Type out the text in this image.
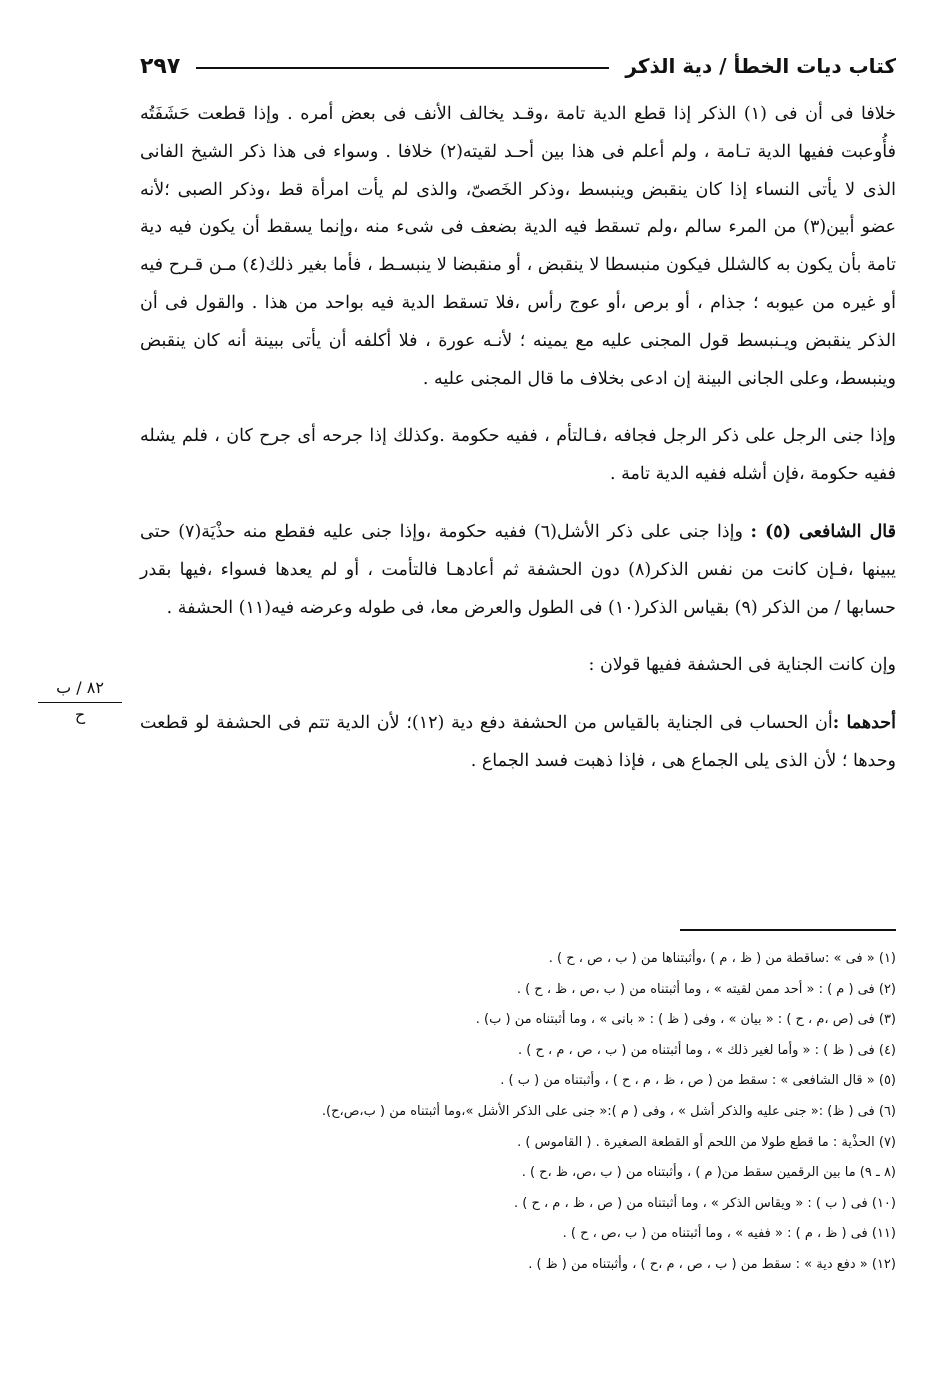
كتاب ديات الخطأ / دية الذكر
٢٩٧

خلافا فى أن فى (١) الذكر إذا قطع الدية تامة ،وقـد يخالف الأنف فى بعض أمره . وإذا قطعت حَشَفَتُه فأُوعبت ففيها الدية تـامة ، ولم أعلم فى هذا بين أحـد لقيته(٢) خلافا . وسواء فى هذا ذكر الشيخ الفانى الذى لا يأتى النساء إذا كان ينقبض وينبسط ،وذكر الخَصىّ، والذى لم يأت امرأة قط ،وذكر الصبى ؛لأنه عضو أبين(٣) من المرء سالم ،ولم تسقط فيه الدية بضعف فى شىء منه ،وإنما يسقط أن يكون فيه دية تامة بأن يكون به كالشلل فيكون منبسطا لا ينقبض ، أو منقبضا لا ينبسـط ، فأما بغير ذلك(٤) مـن قـرح فيه أو غيره من عيوبه ؛ جذام ، أو برص ،أو عوج رأس ،فلا تسقط الدية فيه بواحد من هذا . والقول فى أن الذكر ينقبض ويـنبسط قول المجنى عليه مع يمينه ؛ لأنـه عورة ، فلا أكلفه أن يأتى ببينة أنه كان ينقبض وينبسط، وعلى الجانى البينة إن ادعى بخلاف ما قال المجنى عليه .

وإذا جنى الرجل على ذكر الرجل فجافه ،فـالتأم ، ففيه حكومة .وكذلك إذا جرحه أى جرح كان ، فلم يشله ففيه حكومة ،فإن أشله ففيه الدية تامة .

قال الشافعى (٥) : وإذا جنى على ذكر الأشل(٦) ففيه حكومة ،وإذا جنى عليه فقطع منه حذْيَة(٧) حتى يبينها ،فـإن كانت من نفس الذكر(٨) دون الحشفة ثم أعادهـا فالتأمت ، أو لم يعدها فسواء ،فيها بقدر حسابها / من الذكر (٩) بقياس الذكر(١٠) فى الطول والعرض معا، فى طوله وعرضه فيه(١١) الحشفة .

وإن كانت الجناية فى الحشفة ففيها قولان :

أحدهما :أن الحساب فى الجناية بالقياس من الحشفة دفع دية (١٢)؛ لأن الدية تتم فى الحشفة لو قطعت وحدها ؛ لأن الذى يلى الجماع هى ، فإذا ذهبت فسد الجماع .

٨٢ / ب
ح
(١) « فى » :ساقطة من ( ظ ، م ) ،وأثبتناها من ( ب ، ص ، ح ) .
(٢) فى ( م ) : « أحد ممن لقيته » ، وما أثبتناه من ( ب ،ص ، ظ ، ح ) .
(٣) فى (ص ،م ، ح ) : « بيان » ، وفى ( ظ ) : « بانى » ، وما أثبتناه من ( ب) .
(٤) فى ( ظ ) : « وأما لغير ذلك » ، وما أثبتناه من ( ب ، ص ، م ، ح ) .
(٥) « قال الشافعى » : سقط من ( ص ، ظ ، م ، ح ) ، وأثبتناه من ( ب ) .
(٦) فى ( ظ) :« جنى عليه والذكر أشل » ، وفى ( م ):« جنى على الذكر الأشل »،وما أثبتناه من ( ب،ص،ح).
(٧) الحذْية : ما قطع طولا من اللحم أو القطعة الصغيرة . ( القاموس ) .
(٨ ـ ٩) ما بين الرقمين سقط من( م ) ، وأثبتناه من ( ب ،ص، ظ ،ح ) .
(١٠) فى ( ب ) : « ويقاس الذكر » ، وما أثبتناه من ( ص ، ظ ، م ، ح ) .
(١١) فى ( ظ ، م ) : « ففيه » ، وما أثبتناه من ( ب ،ص ، ح ) .
(١٢) « دفع دية » : سقط من ( ب ، ص ، م ،ح ) ، وأثبتناه من ( ظ ) .
